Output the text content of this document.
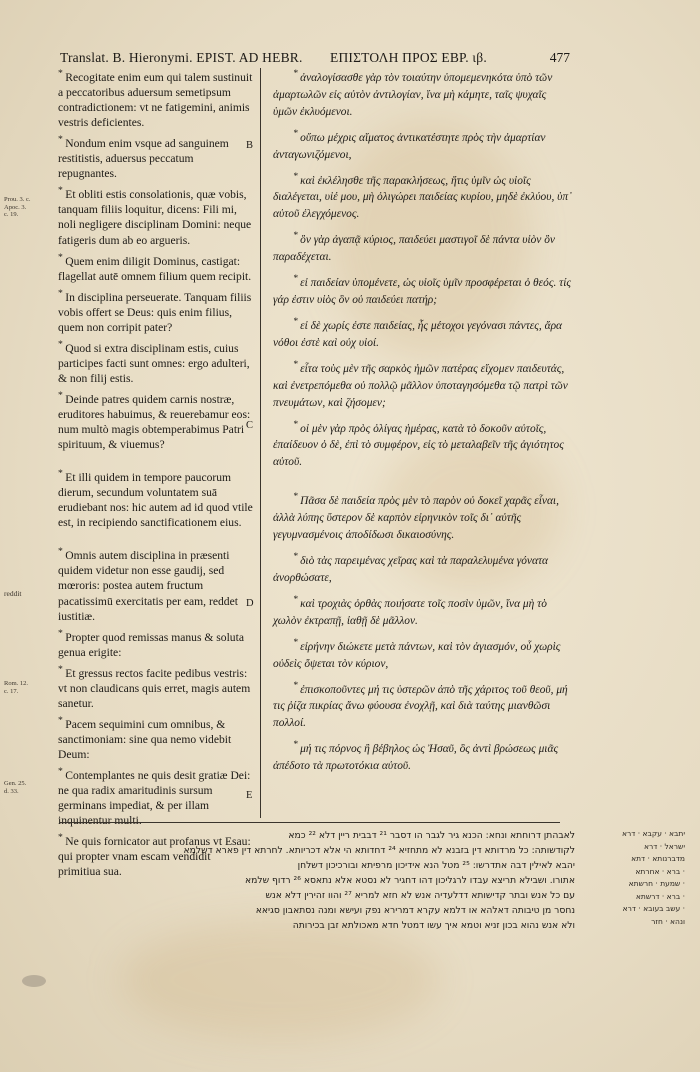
Translat. B. Hieronymi. EPIST. AD HEBR. ΕΠΙΣΤΟΛΗ ΠΡΟΣ ΕΒΡ. ιβ.	477
Prou. 3. c. Apoc. 3. c. 19.
reddit
Rom. 12. c. 17.
Gen. 25. d. 33.
B
C
D
E
* Recogitate enim eum qui talem sustinuit a peccatoribus aduersum semetipsum contradictionem: vt ne fatigemini, animis vestris deficientes.
* Nondum enim vsque ad sanguinem restitistis, aduersus peccatum repugnantes.
* Et obliti estis consolationis, quæ vobis, tanquam filiis loquitur, dicens: Fili mi, noli negligere disciplinam Domini: neque fatigeris dum ab eo argueris.
* Quem enim diligit Dominus, castigat: flagellat autē omnem filium quem recipit.
* In disciplina perseuerate. Tanquam filiis vobis offert se Deus: quis enim filius, quem non corripit pater?
* Quod si extra disciplinam estis, cuius participes facti sunt omnes: ergo adulteri, & non filij estis.
* Deinde patres quidem carnis nostræ, eruditores habuimus, & reuerebamur eos: num multò magis obtemperabimus Patri spirituum, & viuemus?
* Et illi quidem in tempore paucorum dierum, secundum voluntatem suā erudiebant nos: hic autem ad id quod vtile est, in recipiendo sanctificationem eius.
* Omnis autem disciplina in præsenti quidem videtur non esse gaudij, sed mœroris: postea autem fructum pacatissimū exercitatis per eam, reddet iustitiæ.
* Propter quod remissas manus & soluta genua erigite:
* Et gressus rectos facite pedibus vestris: vt non claudicans quis erret, magis autem sanetur.
* Pacem sequimini cum omnibus, & sanctimoniam: sine qua nemo videbit Deum:
* Contemplantes ne quis desit gratiæ Dei: ne qua radix amaritudinis sursum germinans impediat, & per illam inquinentur multi.
* Ne quis fornicator aut profanus vt Esau: qui propter vnam escam vendidit primitiua sua.
* ἀναλογίσασθε γὰρ τὸν τοιαύτην ὑπομεμενηκότα ὑπὸ τῶν ἁμαρτωλῶν εἰς αὐτὸν ἀντιλογίαν, ἵνα μὴ κάμητε, ταῖς ψυχαῖς ὑμῶν ἐκλυόμενοι.
* οὔπω μέχρις αἵματος ἀντικατέστητε πρὸς τὴν ἁμαρτίαν ἀνταγωνιζόμενοι,
* καὶ ἐκλέλησθε τῆς παρακλήσεως, ἥτις ὑμῖν ὡς υἱοῖς διαλέγεται, υἱέ μου, μὴ ὀλιγώρει παιδείας κυρίου, μηδὲ ἐκλύου, ὑπ᾽ αὐτοῦ ἐλεγχόμενος.
* ὃν γὰρ ἀγαπᾷ κύριος, παιδεύει μαστιγοῖ δὲ πάντα υἱὸν ὃν παραδέχεται.
* εἰ παιδείαν ὑπομένετε, ὡς υἱοῖς ὑμῖν προσφέρεται ὁ θεός. τίς γάρ ἐστιν υἱὸς ὃν οὐ παιδεύει πατήρ;
* εἰ δὲ χωρίς ἐστε παιδείας, ἧς μέτοχοι γεγόνασι πάντες, ἄρα νόθοι ἐστὲ καὶ οὐχ υἱοί.
* εἶτα τοὺς μὲν τῆς σαρκὸς ἡμῶν πατέρας εἴχομεν παιδευτάς, καὶ ἐνετρεπόμεθα οὐ πολλῷ μᾶλλον ὑποταγησόμεθα τῷ πατρὶ τῶν πνευμάτων, καὶ ζήσομεν;
* οἱ μὲν γὰρ πρὸς ὀλίγας ἡμέρας, κατὰ τὸ δοκοῦν αὐτοῖς, ἐπαίδευον ὁ δὲ, ἐπὶ τὸ συμφέρον, εἰς τὸ μεταλαβεῖν τῆς ἁγιότητος αὐτοῦ.
* Πᾶσα δὲ παιδεία πρὸς μὲν τὸ παρὸν οὐ δοκεῖ χαρᾶς εἶναι, ἀλλὰ λύπης ὕστερον δὲ καρπὸν εἰρηνικὸν τοῖς δι᾽ αὐτῆς γεγυμνασμένοις ἀποδίδωσι δικαιοσύνης.
* διὸ τὰς παρειμένας χεῖρας καὶ τὰ παραλελυμένα γόνατα ἀνορθώσατε,
* καὶ τροχιὰς ὀρθὰς ποιήσατε τοῖς ποσὶν ὑμῶν, ἵνα μὴ τὸ χωλὸν ἐκτραπῇ, ἰαθῇ δὲ μᾶλλον.
* εἰρήνην διώκετε μετὰ πάντων, καὶ τὸν ἁγιασμόν, οὗ χωρὶς οὐδεὶς ὄψεται τὸν κύριον,
* ἐπισκοποῦντες μή τις ὑστερῶν ἀπὸ τῆς χάριτος τοῦ θεοῦ, μή τις ῥίζα πικρίας ἄνω φύουσα ἐνοχλῇ, καὶ διὰ ταύτης μιανθῶσι πολλοί.
* μή τις πόρνος ἢ βέβηλος ὡς Ἠσαῦ, ὃς ἀντὶ βρώσεως μιᾶς ἀπέδοτο τὰ πρωτοτόκια αὐτοῦ.
לאבהתן דרוחתא ונחא: הכנא גיר לגבר הו דסבר ²¹ דבבית ריין דלא ²² כמא
לקודשותה: כל מרדותא דין בזבנא לא מתחזיא ²⁴ דחדותא הי אלא דכריותא. לחרתא דין פארא דשלמא
יהבא לאילין דבה אתדרשו: ²⁵ מטל הנא אידיכון מרפיתא ובורכיכון דשלחן
אתורו. ושבילא תריצא עבדו לרגליכון דהו דחגיר לא נסטא אלא נתאסא ²⁶ רדוף שלמא
עם כל אנש ובתר קדישותא דדלעדיה אנש לא חזא למריא ²⁷ והוו זהירין דלא אנש
נחסר מן טיבותה דאלהא או דלמא עקרא דמרירא נפק ועישא ומנה נסתאבון סגיאא
ולא אנש נהוא בכון זניא וטמא איך עשו דמטל חדא מאכולתא זבן בכירותה
יתבא · עקבא · דרא
ישראל · דרא
מדברנותא · דתא
· ברא · אחרתא
· שמעת · חרשתא
· ברא · דרשתא
· עשב בעובא · דרא
ונהא · חזר
